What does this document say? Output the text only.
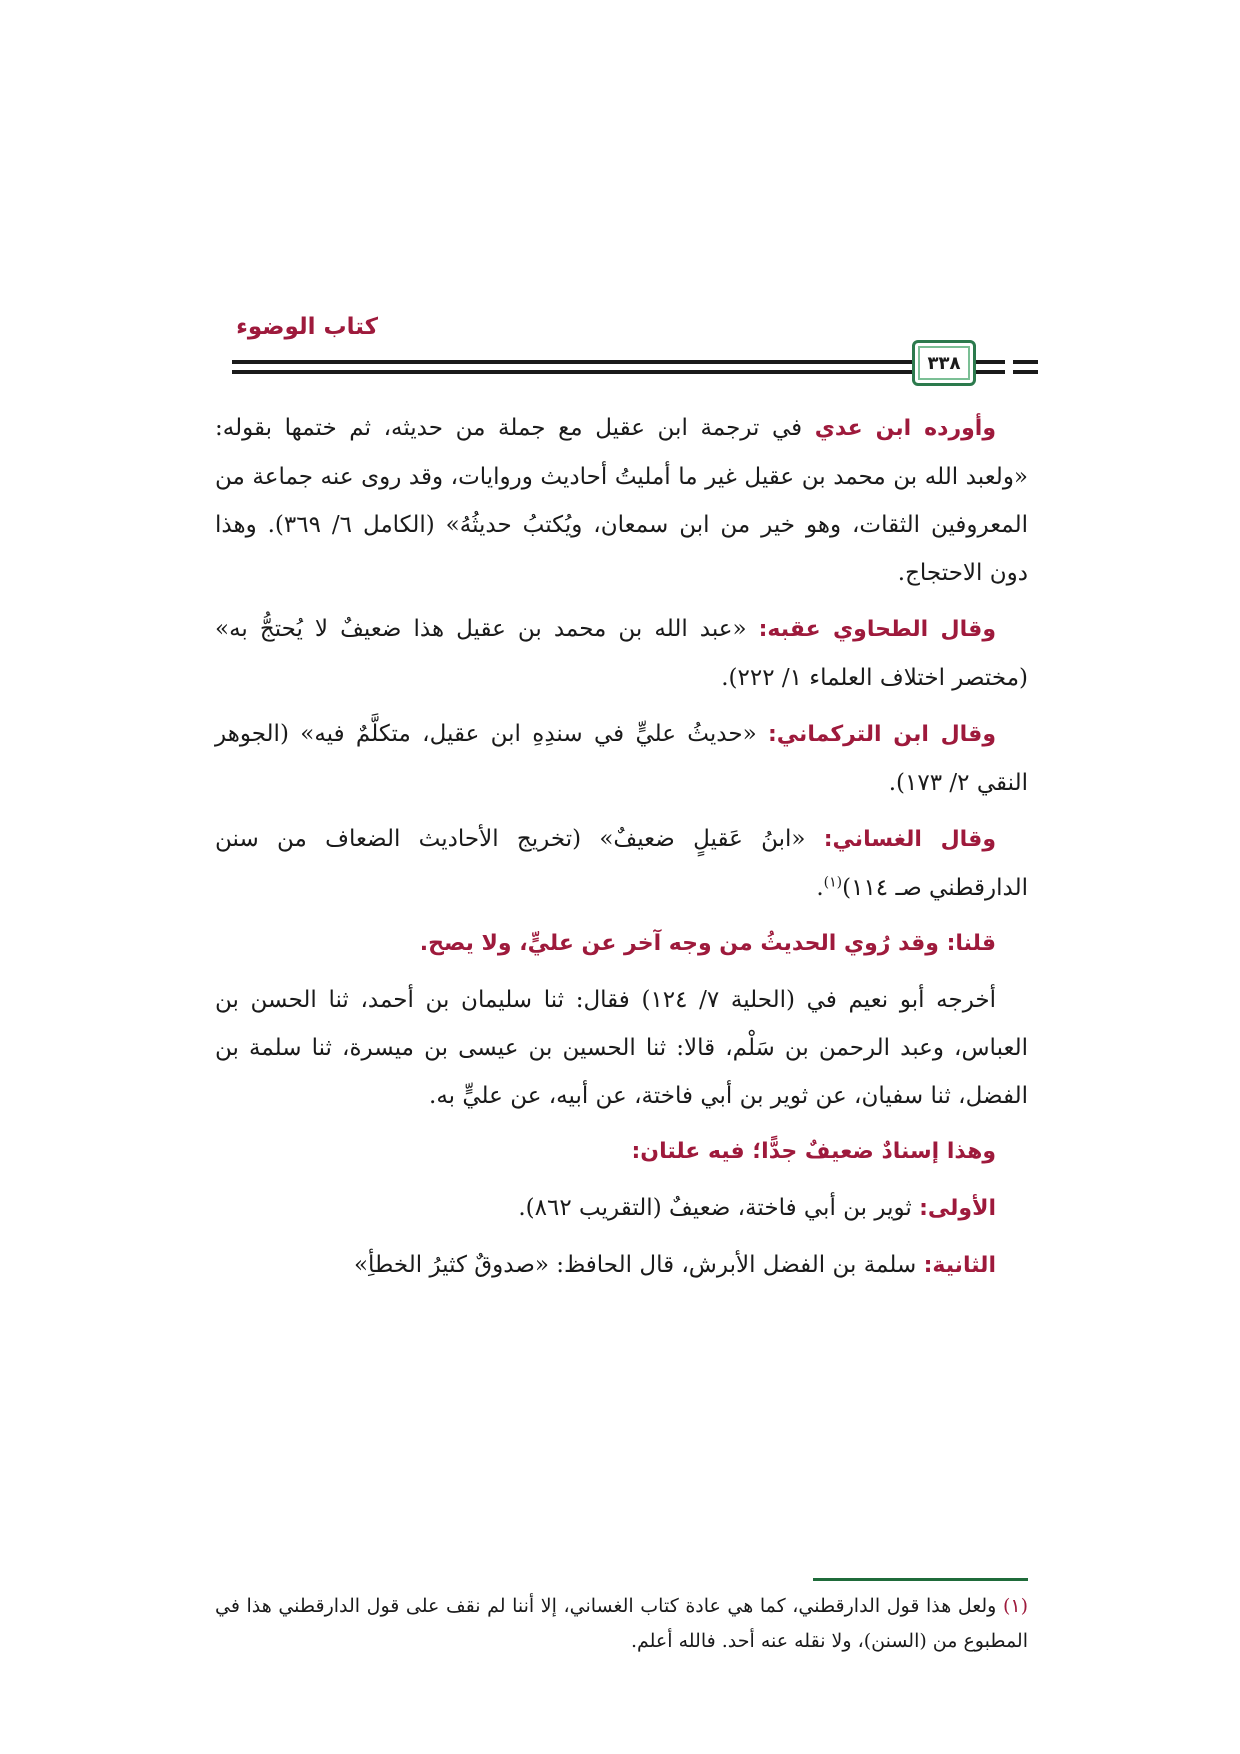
كتاب الوضوء
٣٣٨

وأورده ابن عدي في ترجمة ابن عقيل مع جملة من حديثه، ثم ختمها بقوله: «ولعبد الله بن محمد بن عقيل غير ما أمليتُ أحاديث وروايات، وقد روى عنه جماعة من المعروفين الثقات، وهو خير من ابن سمعان، ويُكتبُ حديثُهُ» (الكامل ٦/ ٣٦٩). وهذا دون الاحتجاج.

وقال الطحاوي عقبه: «عبد الله بن محمد بن عقيل هذا ضعيفٌ لا يُحتجُّ به» (مختصر اختلاف العلماء ١/ ٢٢٢).

وقال ابن التركماني: «حديثُ عليٍّ في سندِهِ ابن عقيل، متكلَّمٌ فيه» (الجوهر النقي ٢/ ١٧٣).

وقال الغساني: «ابنُ عَقيلٍ ضعيفٌ» (تخريج الأحاديث الضعاف من سنن الدارقطني صـ ١١٤)$^{(١)}$.

قلنا: وقد رُوي الحديثُ من وجه آخر عن عليٍّ، ولا يصح.

أخرجه أبو نعيم في (الحلية ٧/ ١٢٤) فقال: ثنا سليمان بن أحمد، ثنا الحسن بن العباس، وعبد الرحمن بن سَلْم، قالا: ثنا الحسين بن عيسى بن ميسرة، ثنا سلمة بن الفضل، ثنا سفيان، عن ثوير بن أبي فاختة، عن أبيه، عن عليٍّ به.

وهذا إسنادٌ ضعيفٌ جدًّا؛ فيه علتان:

الأولى: ثوير بن أبي فاختة، ضعيفٌ (التقريب ٨٦٢).

الثانية: سلمة بن الفضل الأبرش، قال الحافظ: «صدوقٌ كثيرُ الخطأِ»

(١) ولعل هذا قول الدارقطني، كما هي عادة كتاب الغساني، إلا أننا لم نقف على قول الدارقطني هذا في المطبوع من (السنن)، ولا نقله عنه أحد. فالله أعلم.
